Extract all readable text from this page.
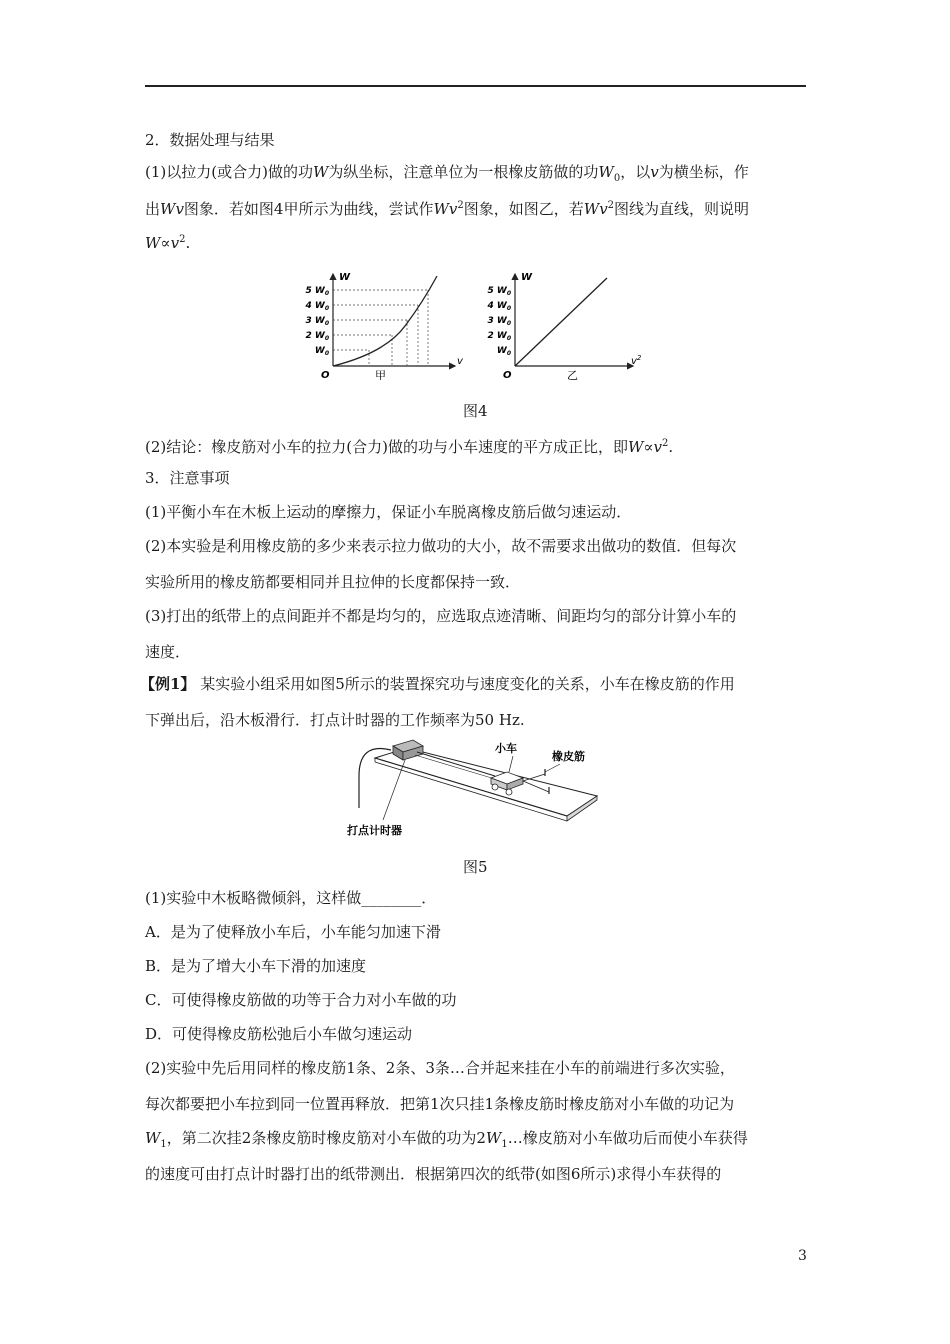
2．数据处理与结果
(1)以拉力(或合力)做的功W为纵坐标，注意单位为一根橡皮筋做的功$W_0$，以v为横坐标，作
出Wv图象．若如图4甲所示为曲线，尝试作Wv$^2$图象，如图乙，若Wv$^2$图线为直线，则说明
$W\propto v^2$.
W
v
O
5 $W_0$
4 $W_0$
3 $W_0$
2 $W_0$
$W_0$
甲
W
$v^2$
O
5 $W_0$
4 $W_0$
3 $W_0$
2 $W_0$
$W_0$
乙
图4
(2)结论：橡皮筋对小车的拉力(合力)做的功与小车速度的平方成正比，即$W\propto v^2$.
3．注意事项
(1)平衡小车在木板上运动的摩擦力，保证小车脱离橡皮筋后做匀速运动．
(2)本实验是利用橡皮筋的多少来表示拉力做功的大小，故不需要求出做功的数值．但每次
实验所用的橡皮筋都要相同并且拉伸的长度都保持一致．
(3)打出的纸带上的点间距并不都是均匀的，应选取点迹清晰、间距均匀的部分计算小车的
速度．
【例1】 某实验小组采用如图5所示的装置探究功与速度变化的关系，小车在橡皮筋的作用
下弹出后，沿木板滑行．打点计时器的工作频率为50 Hz.
小车
橡皮筋
打点计时器
图5
(1)实验中木板略微倾斜，这样做________．
A．是为了使释放小车后，小车能匀加速下滑
B．是为了增大小车下滑的加速度
C．可使得橡皮筋做的功等于合力对小车做的功
D．可使得橡皮筋松弛后小车做匀速运动
(2)实验中先后用同样的橡皮筋1条、2条、3条…合并起来挂在小车的前端进行多次实验，
每次都要把小车拉到同一位置再释放．把第1次只挂1条橡皮筋时橡皮筋对小车做的功记为
$W_1$，第二次挂2条橡皮筋时橡皮筋对小车做的功为$2W_1\dots$橡皮筋对小车做功后而使小车获得
的速度可由打点计时器打出的纸带测出．根据第四次的纸带(如图6所示)求得小车获得的
3
